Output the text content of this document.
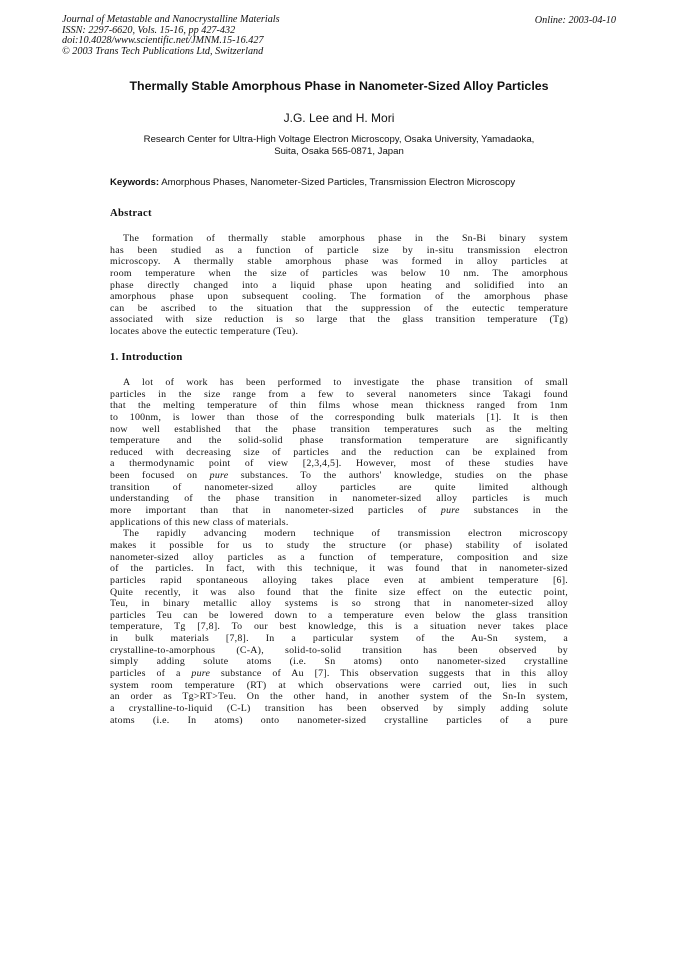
Journal of Metastable and Nanocrystalline Materials
ISSN: 2297-6620, Vols. 15-16, pp 427-432
doi:10.4028/www.scientific.net/JMNM.15-16.427
© 2003 Trans Tech Publications Ltd, Switzerland
Online: 2003-04-10
Thermally Stable Amorphous Phase in Nanometer-Sized Alloy Particles
J.G. Lee and H. Mori
Research Center for Ultra-High Voltage Electron Microscopy, Osaka University, Yamadaoka,
Suita, Osaka 565-0871, Japan
Keywords: Amorphous Phases, Nanometer-Sized Particles, Transmission Electron Microscopy
Abstract
The formation of thermally stable amorphous phase in the Sn-Bi binary system
has been studied as a function of particle size by in-situ transmission electron
microscopy. A thermally stable amorphous phase was formed in alloy particles at
room temperature when the size of particles was below 10 nm. The amorphous
phase directly changed into a liquid phase upon heating and solidified into an
amorphous phase upon subsequent cooling. The formation of the amorphous phase
can be ascribed to the situation that the suppression of the eutectic temperature
associated with size reduction is so large that the glass transition temperature (Tg)
locates above the eutectic temperature (Teu).
1. Introduction
A lot of work has been performed to investigate the phase transition of small
particles in the size range from a few to several nanometers since Takagi found
that the melting temperature of thin films whose mean thickness ranged from 1nm
to 100nm, is lower than those of the corresponding bulk materials [1]. It is then
now well established that the phase transition temperatures such as the melting
temperature and the solid-solid phase transformation temperature are significantly
reduced with decreasing size of particles and the reduction can be explained from
a thermodynamic point of view [2,3,4,5]. However, most of these studies have
been focused on pure substances. To the authors' knowledge, studies on the phase
transition of nanometer-sized alloy particles are quite limited although
understanding of the phase transition in nanometer-sized alloy particles is much
more important than that in nanometer-sized particles of pure substances in the
applications of this new class of materials.
The rapidly advancing modern technique of transmission electron microscopy
makes it possible for us to study the structure (or phase) stability of isolated
nanometer-sized alloy particles as a function of temperature, composition and size
of the particles. In fact, with this technique, it was found that in nanometer-sized
particles rapid spontaneous alloying takes place even at ambient temperature [6].
Quite recently, it was also found that the finite size effect on the eutectic point,
Teu, in binary metallic alloy systems is so strong that in nanometer-sized alloy
particles Teu can be lowered down to a temperature even below the glass transition
temperature, Tg [7,8]. To our best knowledge, this is a situation never takes place
in bulk materials [7,8]. In a particular system of the Au-Sn system, a
crystalline-to-amorphous (C-A), solid-to-solid transition has been observed by
simply adding solute atoms (i.e. Sn atoms) onto nanometer-sized crystalline
particles of a pure substance of Au [7]. This observation suggests that in this alloy
system room temperature (RT) at which observations were carried out, lies in such
an order as Tg>RT>Teu. On the other hand, in another system of the Sn-In system,
a crystalline-to-liquid (C-L) transition has been observed by simply adding solute
atoms (i.e. In atoms) onto nanometer-sized crystalline particles of a pure
